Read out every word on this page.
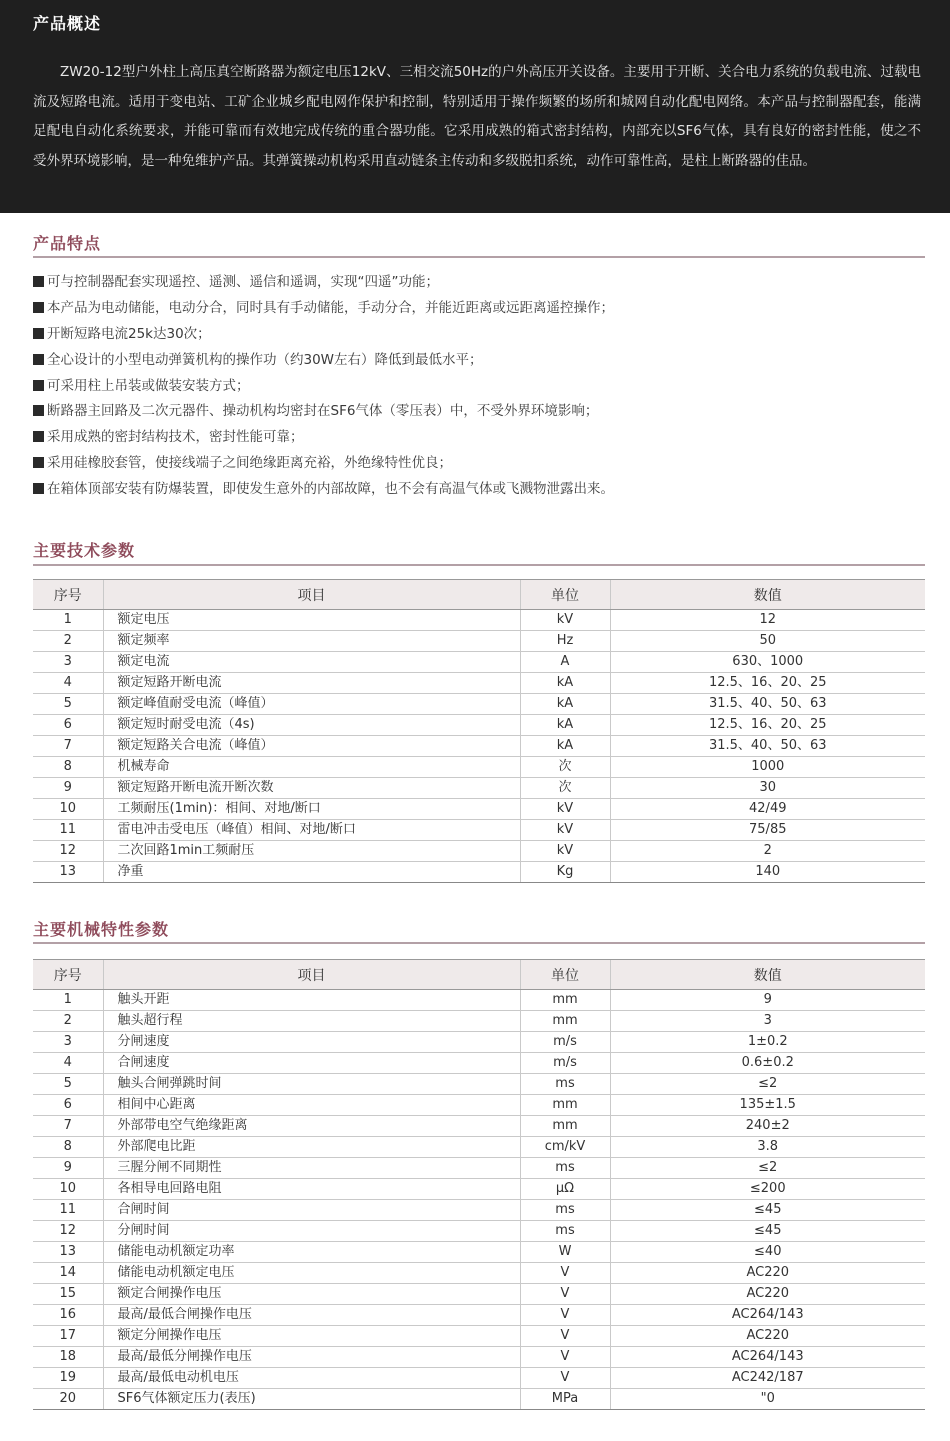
产品概述

ZW20-12型户外柱上高压真空断路器为额定电压12kV、三相交流50Hz的户外高压开关设备。主要用于开断、关合电力系统的负载电流、过载电流及短路电流。适用于变电站、工矿企业城乡配电网作保护和控制，特别适用于操作频繁的场所和城网自动化配电网络。本产品与控制器配套，能满足配电自动化系统要求，并能可靠而有效地完成传统的重合器功能。它采用成熟的箱式密封结构，内部充以SF6气体，具有良好的密封性能，使之不受外界环境影响，是一种免维护产品。其弹簧操动机构采用直动链条主传动和多级脱扣系统，动作可靠性高，是柱上断路器的佳品。

产品特点
可与控制器配套实现遥控、遥测、遥信和遥调，实现“四遥”功能；
本产品为电动储能，电动分合，同时具有手动储能，手动分合，并能近距离或远距离遥控操作；
开断短路电流25k达30次；
全心设计的小型电动弹簧机构的操作功（约30W左右）降低到最低水平；
可采用柱上吊装或做装安装方式；
断路器主回路及二次元器件、操动机构均密封在SF6气体（零压表）中，不受外界环境影响；
采用成熟的密封结构技术，密封性能可靠；
采用硅橡胶套管，使接线端子之间绝缘距离充裕，外绝缘特性优良；
在箱体顶部安装有防爆装置，即使发生意外的内部故障，也不会有高温气体或飞溅物泄露出来。
主要技术参数
序号	项目	单位	数值
1	额定电压	kV	12
2	额定频率	Hz	50
3	额定电流	A	630、1000
4	额定短路开断电流	kA	12.5、16、20、25
5	额定峰值耐受电流（峰值）	kA	31.5、40、50、63
6	额定短时耐受电流（4s)	kA	12.5、16、20、25
7	额定短路关合电流（峰值）	kA	31.5、40、50、63
8	机械寿命	次	1000
9	额定短路开断电流开断次数	次	30
10	工频耐压(1min)：相间、对地/断口	kV	42/49
11	雷电冲击受电压（峰值）相间、对地/断口	kV	75/85
12	二次回路1min工频耐压	kV	2
13	净重	Kg	140
主要机械特性参数
序号	项目	单位	数值
1	触头开距	mm	9
2	触头超行程	mm	3
3	分闸速度	m/s	1±0.2
4	合闸速度	m/s	0.6±0.2
5	触头合闸弹跳时间	ms	≤2
6	相间中心距离	mm	135±1.5
7	外部带电空气绝缘距离	mm	240±2
8	外部爬电比距	cm/kV	3.8
9	三腥分闸不同期性	ms	≤2
10	各相导电回路电阻	μΩ	≤200
11	合闸时间	ms	≤45
12	分闸时间	ms	≤45
13	储能电动机额定功率	W	≤40
14	储能电动机额定电压	V	AC220
15	额定合闸操作电压	V	AC220
16	最高/最低合闸操作电压	V	AC264/143
17	额定分闸操作电压	V	AC220
18	最高/最低分闸操作电压	V	AC264/143
19	最高/最低电动机电压	V	AC242/187
20	SF6气体额定压力(表压)	MPa	"0
